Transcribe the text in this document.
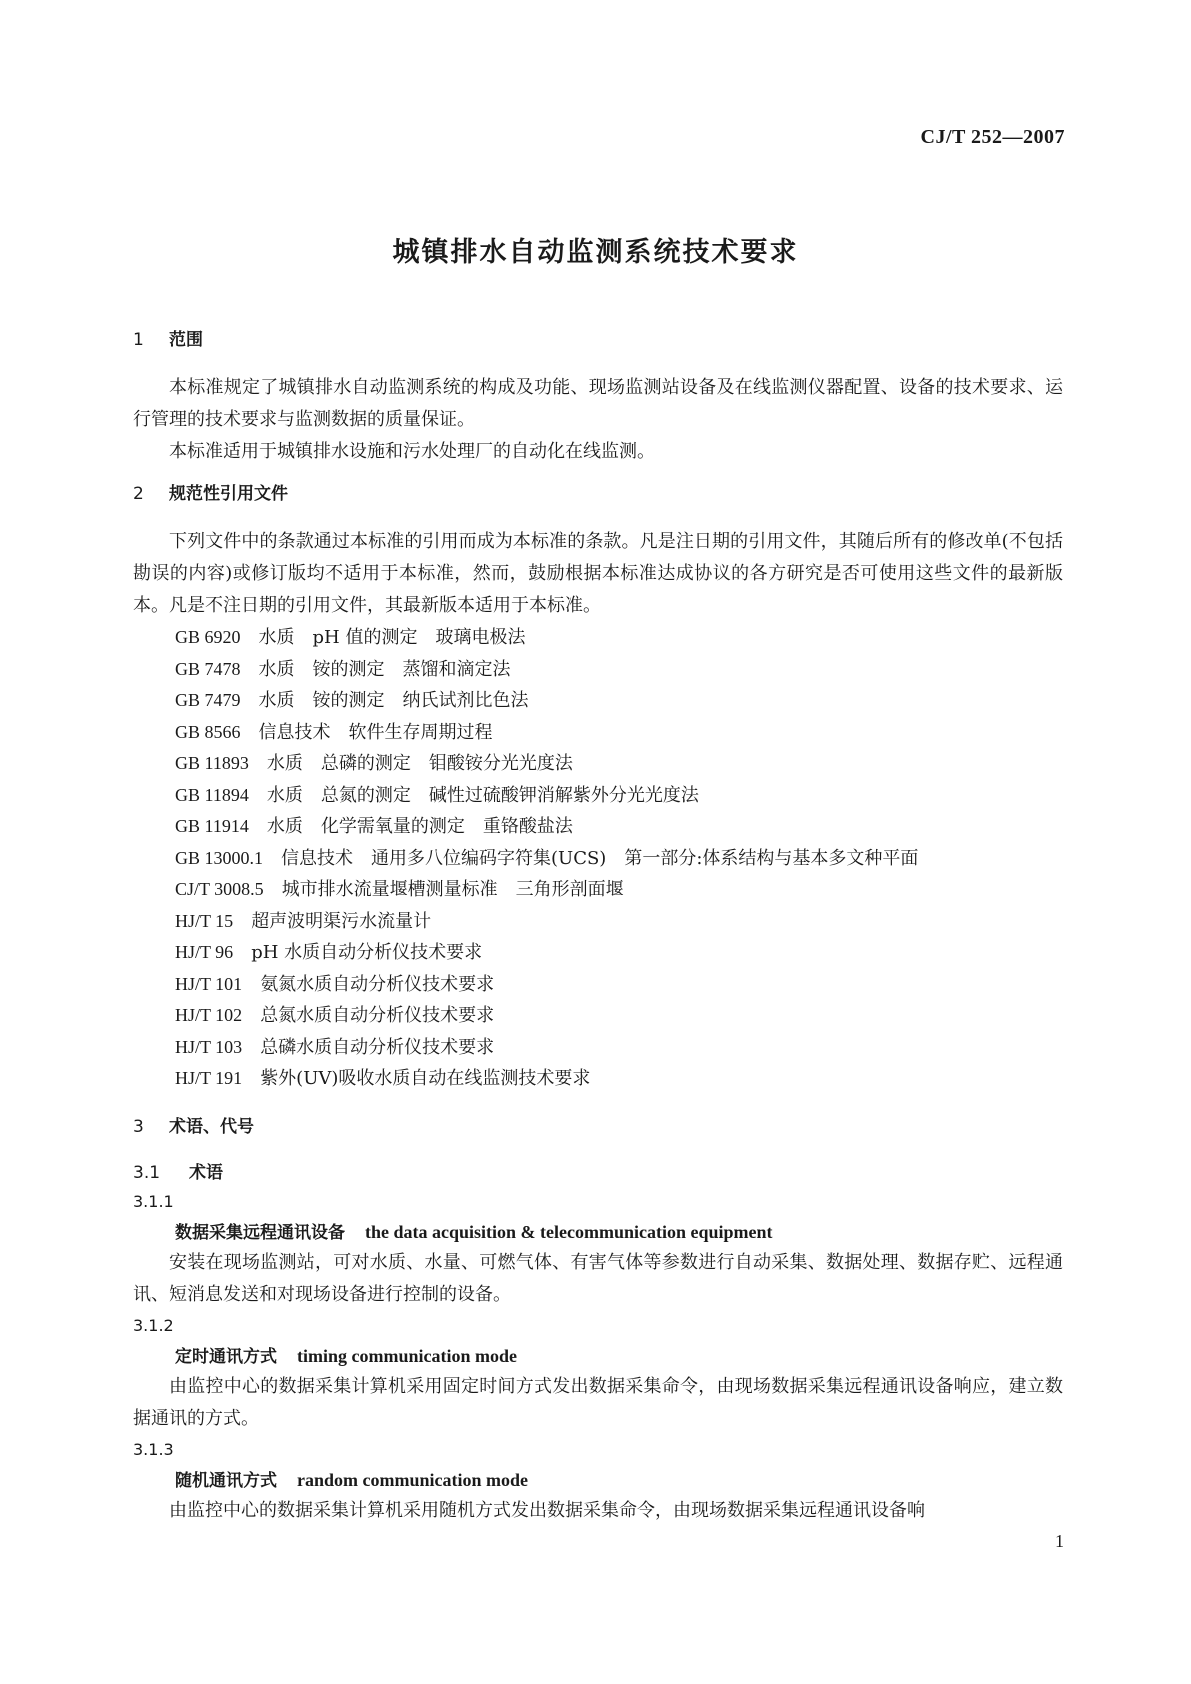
CJ/T 252—2007
城镇排水自动监测系统技术要求
1 范围

本标准规定了城镇排水自动监测系统的构成及功能、现场监测站设备及在线监测仪器配置、设备的技术要求、运行管理的技术要求与监测数据的质量保证。

本标准适用于城镇排水设施和污水处理厂的自动化在线监测。

2 规范性引用文件

下列文件中的条款通过本标准的引用而成为本标准的条款。凡是注日期的引用文件，其随后所有的修改单(不包括勘误的内容)或修订版均不适用于本标准，然而，鼓励根据本标准达成协议的各方研究是否可使用这些文件的最新版本。凡是不注日期的引用文件，其最新版本适用于本标准。

GB 6920 水质　pH 值的测定　玻璃电极法

GB 7478 水质　铵的测定　蒸馏和滴定法

GB 7479 水质　铵的测定　纳氏试剂比色法

GB 8566 信息技术　软件生存周期过程

GB 11893 水质　总磷的测定　钼酸铵分光光度法

GB 11894 水质　总氮的测定　碱性过硫酸钾消解紫外分光光度法

GB 11914 水质　化学需氧量的测定　重铬酸盐法

GB 13000.1 信息技术　通用多八位编码字符集(UCS)　第一部分:体系结构与基本多文种平面

CJ/T 3008.5 城市排水流量堰槽测量标准　三角形剖面堰

HJ/T 15 超声波明渠污水流量计

HJ/T 96 pH 水质自动分析仪技术要求

HJ/T 101 氨氮水质自动分析仪技术要求

HJ/T 102 总氮水质自动分析仪技术要求

HJ/T 103 总磷水质自动分析仪技术要求

HJ/T 191 紫外(UV)吸收水质自动在线监测技术要求

3 术语、代号
3.1 术语

3.1.1

数据采集远程通讯设备 the data acquisition & telecommunication equipment

安装在现场监测站，可对水质、水量、可燃气体、有害气体等参数进行自动采集、数据处理、数据存贮、远程通讯、短消息发送和对现场设备进行控制的设备。

3.1.2

定时通讯方式 timing communication mode

由监控中心的数据采集计算机采用固定时间方式发出数据采集命令，由现场数据采集远程通讯设备响应，建立数据通讯的方式。

3.1.3

随机通讯方式 random communication mode

由监控中心的数据采集计算机采用随机方式发出数据采集命令，由现场数据采集远程通讯设备响

1
